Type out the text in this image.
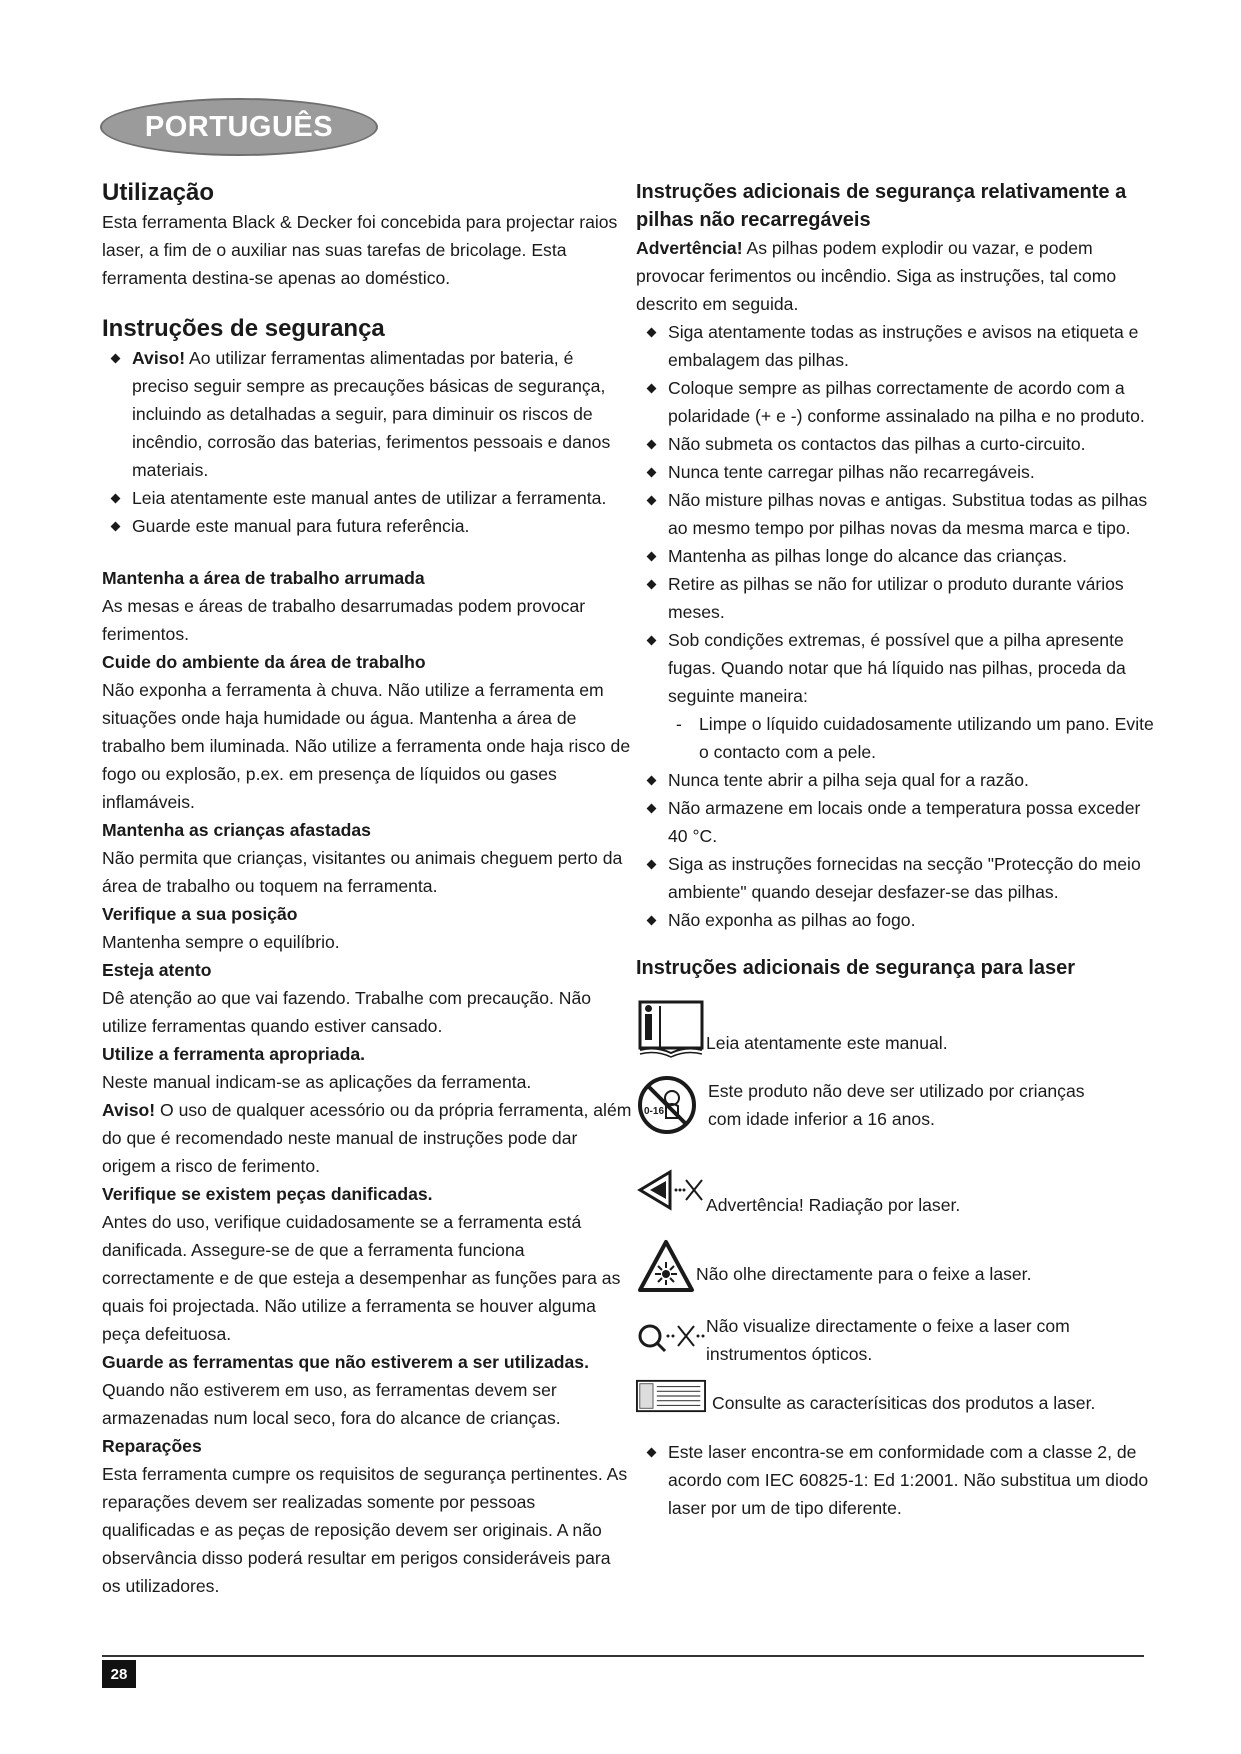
PORTUGUÊS
Utilização

Esta ferramenta Black & Decker foi concebida para projectar raios laser, a fim de o auxiliar nas suas tarefas de bricolage. Esta ferramenta destina-se apenas ao doméstico.

Instruções de segurança
Aviso! Ao utilizar ferramentas alimentadas por bateria, é preciso seguir sempre as precauções básicas de segurança, incluindo as detalhadas a seguir, para diminuir os riscos de incêndio, corrosão das baterias, ferimentos pessoais e danos materiais.
Leia atentamente este manual antes de utilizar a ferramenta.
Guarde este manual para futura referência.
Mantenha a área de trabalho arrumada

As mesas e áreas de trabalho desarrumadas podem provocar ferimentos.

Cuide do ambiente da área de trabalho

Não exponha a ferramenta à chuva. Não utilize a ferramenta em situações onde haja humidade ou água. Mantenha a área de trabalho bem iluminada. Não utilize a ferramenta onde haja risco de fogo ou explosão, p.ex. em presença de líquidos ou gases inflamáveis.

Mantenha as crianças afastadas

Não permita que crianças, visitantes ou animais cheguem perto da área de trabalho ou toquem na ferramenta.

Verifique a sua posição

Mantenha sempre o equilíbrio.

Esteja atento

Dê atenção ao que vai fazendo. Trabalhe com precaução. Não utilize ferramentas quando estiver cansado.

Utilize a ferramenta apropriada.

Neste manual indicam-se as aplicações da ferramenta.

Aviso! O uso de qualquer acessório ou da própria ferramenta, além do que é recomendado neste manual de instruções pode dar origem a risco de ferimento.

Verifique se existem peças danificadas.

Antes do uso, verifique cuidadosamente se a ferramenta está danificada. Assegure-se de que a ferramenta funciona correctamente e de que esteja a desempenhar as funções para as quais foi projectada. Não utilize a ferramenta se houver alguma peça defeituosa.

Guarde as ferramentas que não estiverem a ser utilizadas.

Quando não estiverem em uso, as ferramentas devem ser armazenadas num local seco, fora do alcance de crianças.

Reparações

Esta ferramenta cumpre os requisitos de segurança pertinentes. As reparações devem ser realizadas somente por pessoas qualificadas e as peças de reposição devem ser originais. A não observância disso poderá resultar em perigos consideráveis para os utilizadores.

Instruções adicionais de segurança relativamente a pilhas não recarregáveis

Advertência! As pilhas podem explodir ou vazar, e podem provocar ferimentos ou incêndio. Siga as instruções, tal como descrito em seguida.

Siga atentamente todas as instruções e avisos na etiqueta e embalagem das pilhas.
Coloque sempre as pilhas correctamente de acordo com a polaridade (+ e -) conforme assinalado na pilha e no produto.
Não submeta os contactos das pilhas a curto-circuito.
Nunca tente carregar pilhas não recarregáveis.
Não misture pilhas novas e antigas. Substitua todas as pilhas ao mesmo tempo por pilhas novas da mesma marca e tipo.
Mantenha as pilhas longe do alcance das crianças.
Retire as pilhas se não for utilizar o produto durante vários meses.
Sob condições extremas, é possível que a pilha apresente fugas. Quando notar que há líquido nas pilhas, proceda da seguinte maneira:

- Limpe o líquido cuidadosamente utilizando um pano. Evite o contacto com a pele.

Nunca tente abrir a pilha seja qual for a razão.
Não armazene em locais onde a temperatura possa exceder 40 °C.
Siga as instruções fornecidas na secção "Protecção do meio ambiente" quando desejar desfazer-se das pilhas.
Não exponha as pilhas ao fogo.
Instruções adicionais de segurança para laser
Leia atentamente este manual.
0-16
Este produto não deve ser utilizado por crianças com idade inferior a 16 anos.
Advertência! Radiação por laser.
Não olhe directamente para o feixe a laser.
Não visualize directamente o feixe a laser com instrumentos ópticos.
Consulte as caracterísiticas dos produtos a laser.
Este laser encontra-se em conformidade com a classe 2, de acordo com IEC 60825-1: Ed 1:2001. Não substitua um diodo laser por um de tipo diferente.
28
